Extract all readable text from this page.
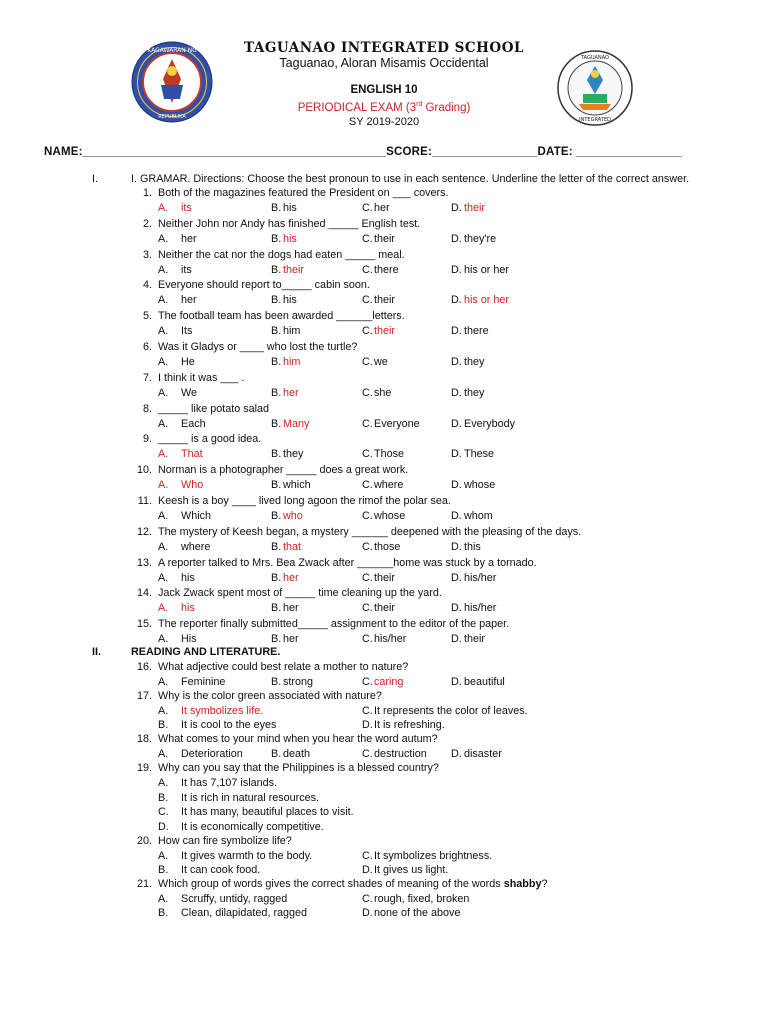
KAGAWARAN NG
REPUBLIKA
TAGUANAO
INTEGRATED
TAGUANAO INTEGRATED SCHOOL
Taguanao, Aloran Misamis Occidental
ENGLISH 10
PERIODICAL EXAM (3rd Grading)
SY 2019-2020
NAME:______________________________________________SCORE:________________DATE: ________________
I.	I. GRAMAR. Directions: Choose the best pronoun to use in each sentence. Underline the letter of the correct answer.
1. Both of the magazines featured the President on ___ covers.
A. its	B. his	C. her	D. their
2. Neither John nor Andy has finished _____ English test.
A. her	B. his	C. their	D. they're
3. Neither the cat nor the dogs had eaten _____ meal.
A. its	B. their	C. there	D. his or her
4. Everyone should report to_____ cabin soon.
A. her	B. his	C. their	D. his or her
5. The football team has been awarded ______letters.
A. Its	B. him	C. their	D. there
6. Was it Gladys or ____ who lost the turtle?
A. He	B. him	C. we	D. they
7. I think it was ___ .
A. We	B. her	C. she	D. they
8. _____ like potato salad
A. Each	B. Many	C. Everyone	D. Everybody
9. _____ is a good idea.
A. That	B. they	C. Those	D. These
10. Norman is a photographer _____ does a great work.
A. Who	B. which	C. where	D. whose
11. Keesh is a boy ____ lived long agoon the rimof the polar sea.
A. Which	B. who	C. whose	D. whom
12. The mystery of Keesh began, a mystery ______ deepened with the pleasing of the days.
A. where	B. that	C. those	D. this
13. A reporter talked to Mrs. Bea Zwack after ______home was stuck by a tornado.
A. his	B. her	C. their	D. his/her
14. Jack Zwack spent most of _____ time cleaning up the yard.
A. his	B. her	C. their	D. his/her
15. The reporter finally submitted_____ assignment to the editor of the paper.
A. His	B. her	C. his/her	D. their
II.	READING AND LITERATURE.
16. What adjective could best relate a mother to nature?
A. Feminine	B. strong	C. caring	D. beautiful
17. Why is the color green associated with nature?
A. It symbolizes life.
B. It is cool to the eyes
C. It represents the color of leaves.
D. It is refreshing.
18. What comes to your mind when you hear the word autum?
A. Deterioration	B. death	C. destruction D. disaster
19. Why can you say that the Philippines is a blessed country?
A. It has 7,107 islands.
B. It is rich in natural resources.
C. It has many, beautiful places to visit.
D. It is economically competitive.
20. How can fire symbolize life?
A. It gives warmth to the body.
B. It can cook food.
C. It symbolizes brightness.
D. It gives us light.
21. Which group of words gives the correct shades of meaning of the words shabby?
A. Scruffy, untidy, ragged
B. Clean, dilapidated, ragged
C. rough, fixed, broken
D. none of the above
